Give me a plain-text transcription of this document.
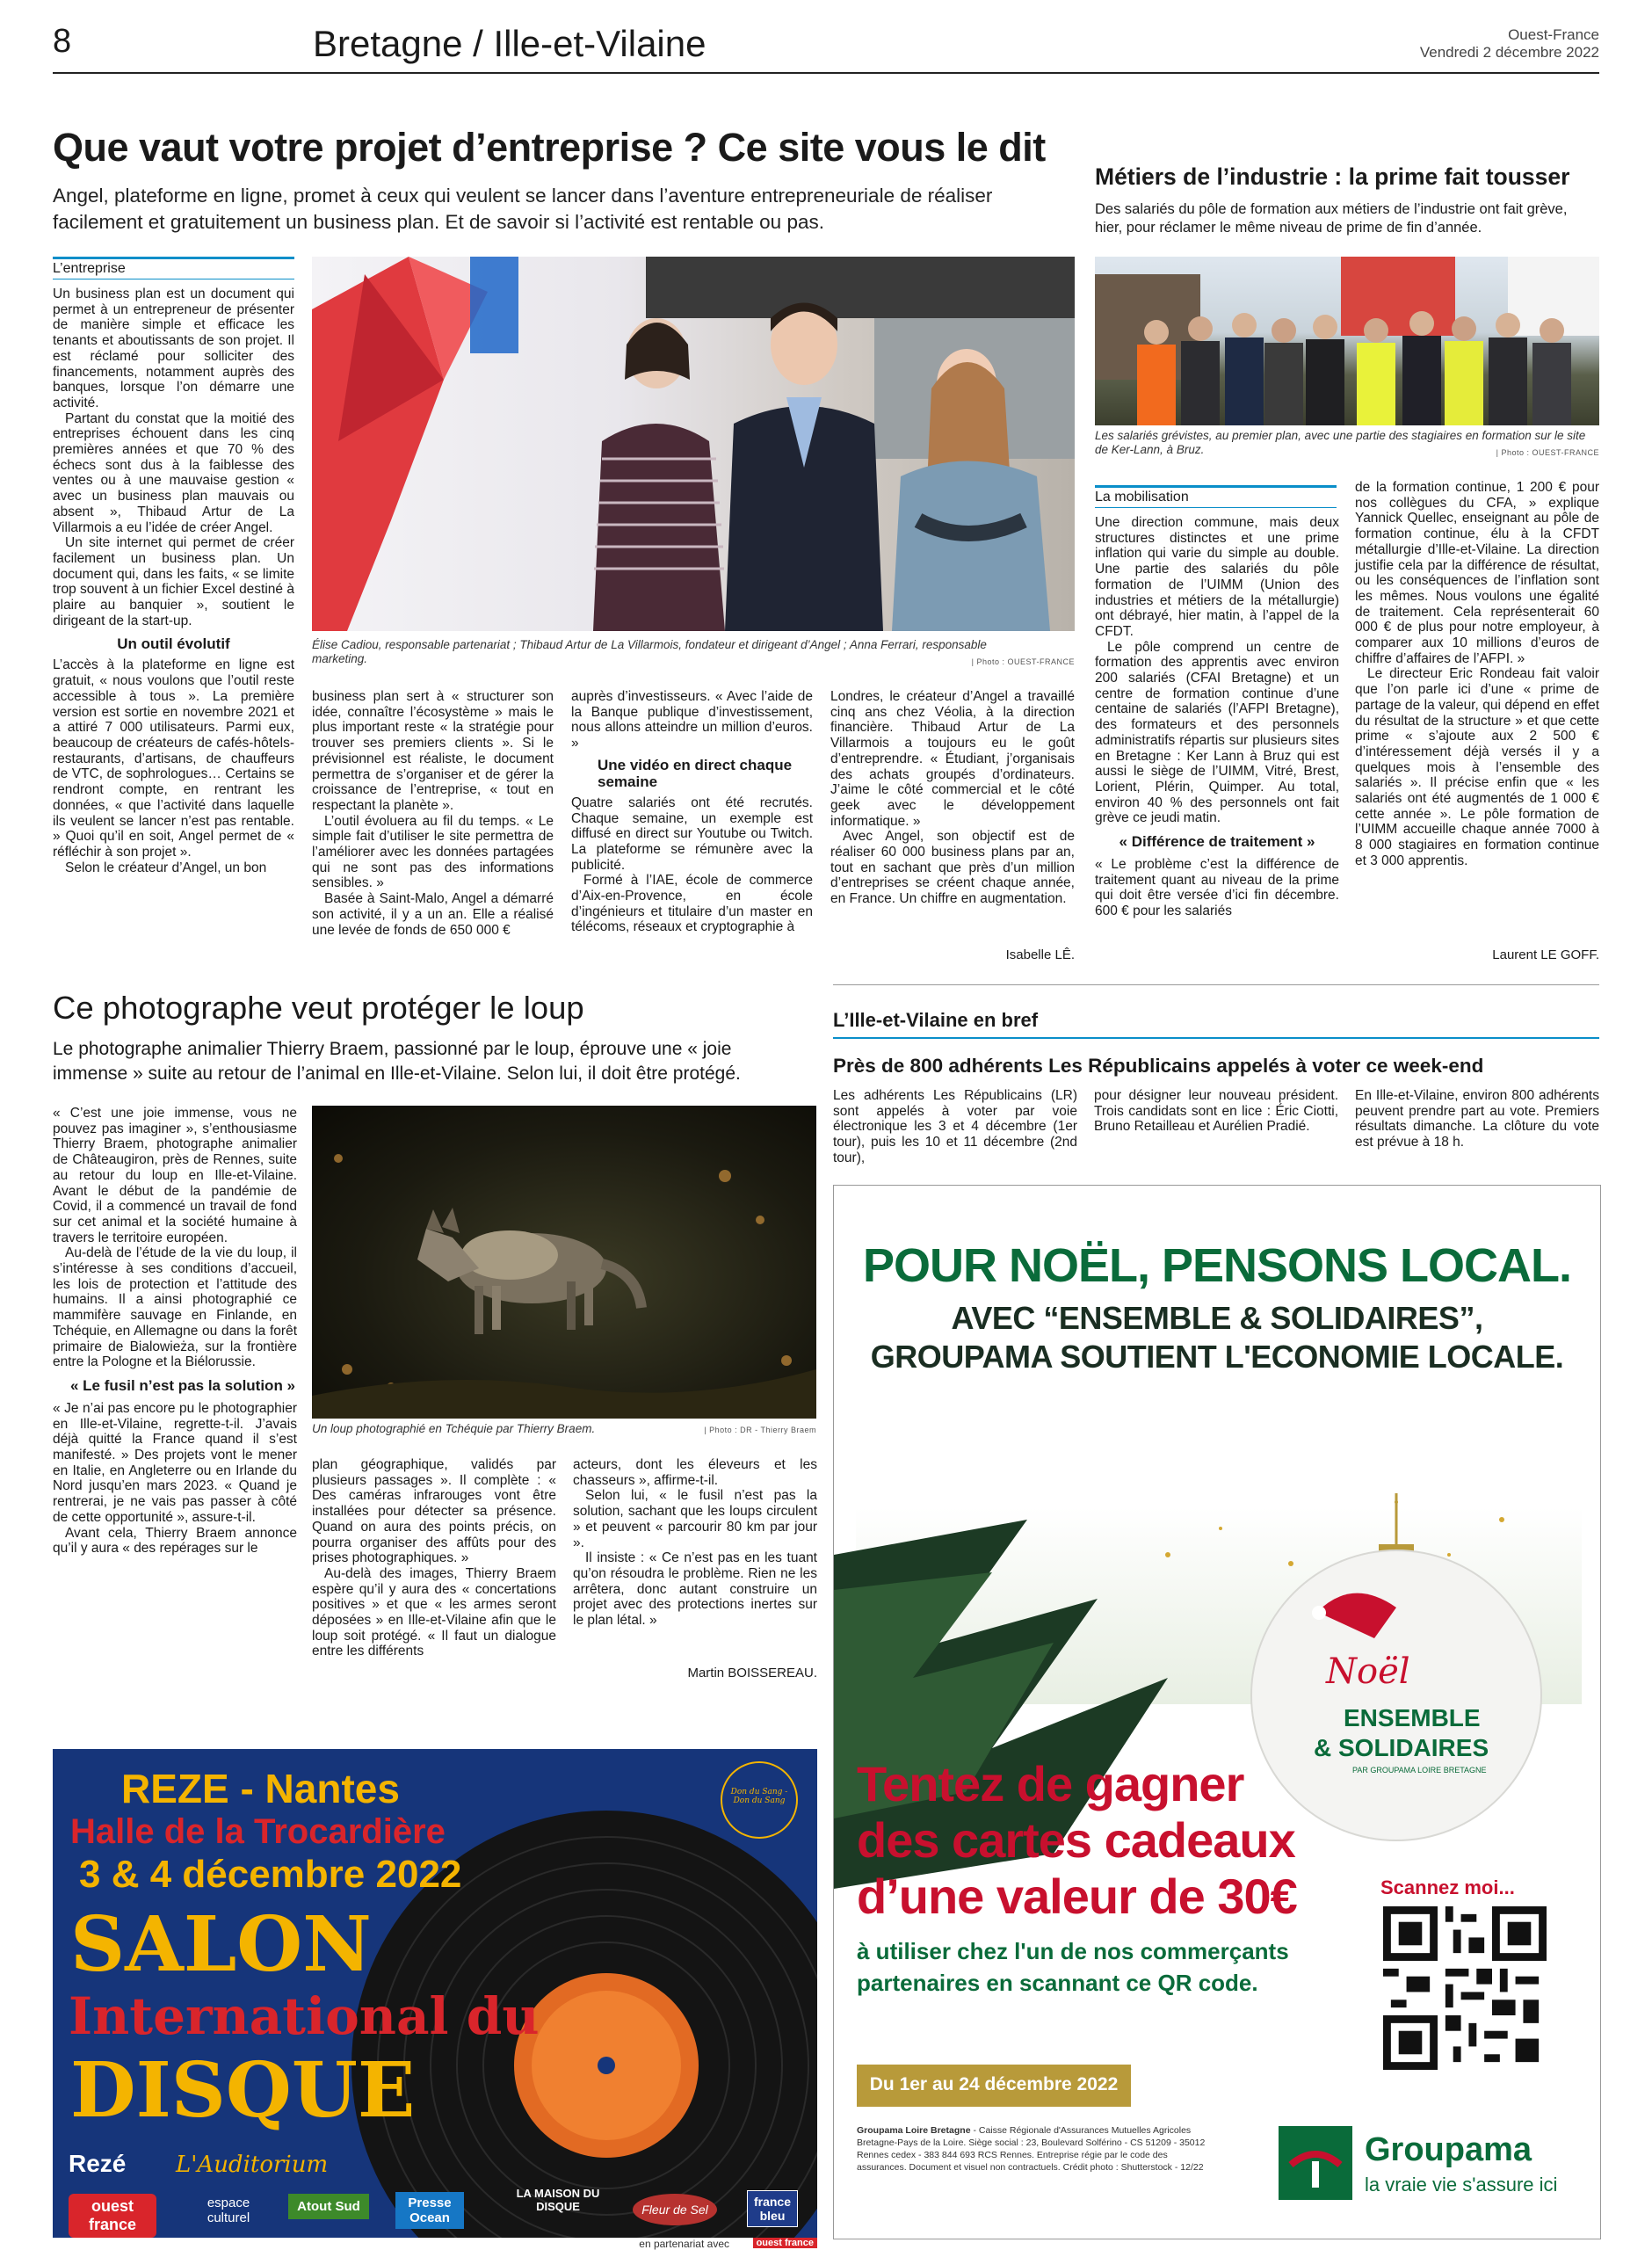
8	Bretagne / Ille-et-Vilaine	Ouest-France
Vendredi 2 décembre 2022
Que vaut votre projet d’entreprise ? Ce site vous le dit
Angel, plateforme en ligne, promet à ceux qui veulent se lancer dans l’aventure entrepreneuriale de réaliser facilement et gratuitement un business plan. Et de savoir si l’activité est rentable ou pas.
L’entreprise

Un business plan est un document qui permet à un entrepreneur de présenter de manière simple et efficace les tenants et aboutissants de son projet. Il est réclamé pour solliciter des financements, notamment auprès des banques, lorsque l’on démarre une activité.

Partant du constat que la moitié des entreprises échouent dans les cinq premières années et que 70 % des échecs sont dus à la faiblesse des ventes ou à une mauvaise gestion « avec un business plan mauvais ou absent », Thibaud Artur de La Villarmois a eu l’idée de créer Angel.

Un site internet qui permet de créer facilement un business plan. Un document qui, dans les faits, « se limite trop souvent à un fichier Excel destiné à plaire au banquier », soutient le dirigeant de la start-up.

Un outil évolutif

L’accès à la plateforme en ligne est gratuit, « nous voulons que l’outil reste accessible à tous ». La première version est sortie en novembre 2021 et a attiré 7 000 utilisateurs. Parmi eux, beaucoup de créateurs de cafés-hôtels-restaurants, d’artisans, de chauffeurs de VTC, de sophrologues… Certains se rendront compte, en rentrant les données, « que l’activité dans laquelle ils veulent se lancer n’est pas rentable. » Quoi qu’il en soit, Angel permet de « réfléchir à son projet ».

Selon le créateur d’Angel, un bon

Élise Cadiou, responsable partenariat ; Thibaud Artur de La Villarmois, fondateur et dirigeant d’Angel ; Anna Ferrari, responsable marketing.	| Photo : OUEST-FRANCE

business plan sert à « structurer son idée, connaître l’écosystème » mais le plus important reste « la stratégie pour trouver ses premiers clients ». Si le prévisionnel est réaliste, le document permettra de s’organiser et de gérer la croissance de l’entreprise, « tout en respectant la planète ».

L’outil évoluera au fil du temps. « Le simple fait d’utiliser le site permettra de l’améliorer avec les données partagées qui ne sont pas des informations sensibles. »

Basée à Saint-Malo, Angel a démarré son activité, il y a un an. Elle a réalisé une levée de fonds de 650 000 €

auprès d’investisseurs. « Avec l’aide de la Banque publique d’investissement, nous allons atteindre un million d’euros. »

Une vidéo en direct chaque semaine

Quatre salariés ont été recrutés. Chaque semaine, un exemple est diffusé en direct sur Youtube ou Twitch. La plateforme se rémunère avec la publicité.

Formé à l’IAE, école de commerce d’Aix-en-Provence, en école d’ingénieurs et titulaire d’un master en télécoms, réseaux et cryptographie à

Londres, le créateur d’Angel a travaillé cinq ans chez Véolia, à la direction financière. Thibaud Artur de La Villarmois a toujours eu le goût d’entreprendre. « Étudiant, j’organisais des achats groupés d’ordinateurs. J’aime le côté commercial et le côté geek avec le développement informatique. »

Avec Angel, son objectif est de réaliser 60 000 business plans par an, tout en sachant que près d’un million d’entreprises se créent chaque année, en France. Un chiffre en augmentation.

Isabelle LÊ.
Métiers de l’industrie : la prime fait tousser
Des salariés du pôle de formation aux métiers de l’industrie ont fait grève, hier, pour réclamer le même niveau de prime de fin d’année.
Les salariés grévistes, au premier plan, avec une partie des stagiaires en formation sur le site de Ker-Lann, à Bruz.	| Photo : OUEST-FRANCE
La mobilisation

Une direction commune, mais deux structures distinctes et une prime inflation qui varie du simple au double. Une partie des salariés du pôle formation de l’UIMM (Union des industries et métiers de la métallurgie) ont débrayé, hier matin, à l’appel de la CFDT.

Le pôle comprend un centre de formation des apprentis avec environ 200 salariés (CFAI Bretagne) et un centre de formation continue d’une centaine de salariés (l’AFPI Bretagne), des formateurs et des personnels administratifs répartis sur plusieurs sites en Bretagne : Ker Lann à Bruz qui est aussi le siège de l’UIMM, Vitré, Brest, Lorient, Plérin, Quimper. Au total, environ 40 % des personnels ont fait grève ce jeudi matin.

« Différence de traitement »

« Le problème c’est la différence de traitement quant au niveau de la prime qui doit être versée d’ici fin décembre. 600 € pour les salariés

de la formation continue, 1 200 € pour nos collègues du CFA, » explique Yannick Quellec, enseignant au pôle de formation continue, élu à la CFDT métallurgie d’Ille-et-Vilaine. La direction justifie cela par la différence de résultat, ou les conséquences de l’inflation sont les mêmes. Nous voulons une égalité de traitement. Cela représenterait 60 000 € de plus pour notre employeur, à comparer aux 10 millions d’euros de chiffre d’affaires de l’AFPI. »

Le directeur Eric Rondeau fait valoir que l’on parle ici d’une « prime de partage de la valeur, qui dépend en effet du résultat de la structure » et que cette prime « s’ajoute aux 2 500 € d’intéressement déjà versés il y a quelques mois à l’ensemble des salariés ». Il précise enfin que « les salariés ont été augmentés de 1 000 € cette année ». Le pôle formation de l’UIMM accueille chaque année 7000 à 8 000 stagiaires en formation continue et 3 000 apprentis.

Laurent LE GOFF.
Ce photographe veut protéger le loup
Le photographe animalier Thierry Braem, passionné par le loup, éprouve une « joie immense » suite au retour de l’animal en Ille-et-Vilaine. Selon lui, il doit être protégé.

« C’est une joie immense, vous ne pouvez pas imaginer », s’enthousiasme Thierry Braem, photographe animalier de Châteaugiron, près de Rennes, suite au retour du loup en Ille-et-Vilaine. Avant le début de la pandémie de Covid, il a commencé un travail de fond sur cet animal et la société humaine à travers le territoire européen.

Au-delà de l’étude de la vie du loup, il s’intéresse à ses conditions d’accueil, les lois de protection et l’attitude des humains. Il a ainsi photographié ce mammifère sauvage en Finlande, en Tchéquie, en Allemagne ou dans la forêt primaire de Bialowieża, sur la frontière entre la Pologne et la Biélorussie.

« Le fusil n’est pas la solution »

« Je n’ai pas encore pu le photographier en Ille-et-Vilaine, regrette-t-il. J’avais déjà quitté la France quand il s’est manifesté. » Des projets vont le mener en Italie, en Angleterre ou en Irlande du Nord jusqu’en mars 2023. « Quand je rentrerai, je ne vais pas passer à côté de cette opportunité », assure-t-il.

Avant cela, Thierry Braem annonce qu’il y aura « des repérages sur le

Un loup photographié en Tchéquie par Thierry Braem.	| Photo : DR - Thierry Braem

plan géographique, validés par plusieurs passages ». Il complète : « Des caméras infrarouges vont être installées pour détecter sa présence. Quand on aura des points précis, on pourra organiser des affûts pour des prises photographiques. »

Au-delà des images, Thierry Braem espère qu’il y aura des « concertations positives » et que « les armes seront déposées » en Ille-et-Vilaine afin que le loup soit protégé. « Il faut un dialogue entre les différents

acteurs, dont les éleveurs et les chasseurs », affirme-t-il.

Selon lui, « le fusil n’est pas la solution, sachant que les loups circulent » et peuvent « parcourir 80 km par jour ».

Il insiste : « Ce n’est pas en les tuant qu’on résoudra le problème. Rien ne les arrêtera, donc autant construire un projet avec des protections inertes sur le plan létal. »

Martin BOISSEREAU.
L’Ille-et-Vilaine en bref
Près de 800 adhérents Les Républicains appelés à voter ce week-end
Les adhérents Les Républicains (LR) sont appelés à voter par voie électronique les 3 et 4 décembre (1er tour), puis les 10 et 11 décembre (2nd tour),
pour désigner leur nouveau président. Trois candidats sont en lice : Éric Ciotti, Bruno Retailleau et Aurélien Pradié.
En Ille-et-Vilaine, environ 800 adhérents peuvent prendre part au vote. Premiers résultats dimanche. La clôture du vote est prévue à 18 h.
Don du Sang - Don du Sang
REZE - Nantes
Halle de la Trocardière
3 & 4 décembre 2022
SALON
International du
DISQUE
Rezé L'Auditorium
ouest france
espace culturel
Atout Sud	Presse Ocean
LA MAISON DU DISQUE	Fleur de Sel
france bleu
en partenariat avec	ouest france
POUR NOËL, PENSONS LOCAL.
AVEC “ENSEMBLE & SOLIDAIRES”,
GROUPAMA SOUTIENT L'ECONOMIE LOCALE.
Noël
ENSEMBLE
& SOLIDAIRES
PAR GROUPAMA LOIRE BRETAGNE
Tentez de gagner
des cartes cadeaux
d’une valeur de 30€
à utiliser chez l'un de nos commerçants
partenaires en scannant ce QR code.
Scannez moi...
Du 1er au 24 décembre 2022
Groupama Loire Bretagne - Caisse Régionale d'Assurances Mutuelles Agricoles Bretagne-Pays de la Loire. Siège social : 23, Boulevard Solférino - CS 51209 - 35012 Rennes cedex - 383 844 693 RCS Rennes. Entreprise régie par le code des assurances. Document et visuel non contractuels. Crédit photo : Shutterstock - 12/22	Groupama
la vraie vie s'assure ici
